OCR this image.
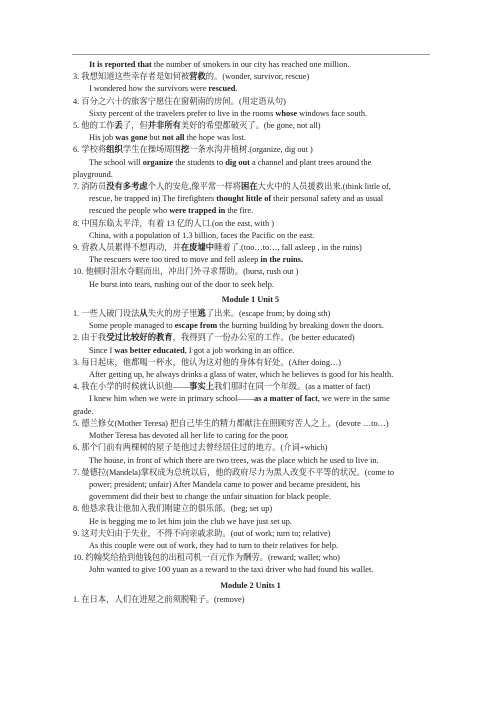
It is reported that the number of smokers in our city has reached one million.
3. 我想知道这些幸存者是如何被营救的。(wonder, survivor, rescue)
I wondered how the survivors were rescued.
4. 百分之六十的旅客宁愿住在窗朝南的房间。(用定语从句)
Sixty percent of the travelers prefer to live in the rooms whose windows face south.
5. 他的工作丢了，但并非所有美好的希望都破灭了。(be gone, not all)
His job was gone but not all the hope was lost.
6. 学校将组织学生在操场周围挖一条水沟并植树.(organize, dig out )
The school will organize the students to dig out a channel and plant trees around the
playground.
7. 消防员没有多考虑个人的安危,像平常一样将困在大火中的人员援救出来.(think little of,
rescue, be trapped in) The firefighters thought little of their personal safety and as usual
rescued the people who were trapped in the fire.
8. 中国东临太平洋，有着 13 亿的人口.(on the east, with )
China, with a population of 1.3 billion, faces the Pacific on the east.
9. 营救人员累得不想再动，并在废墟中睡着了.(too…to…, fall asleep , in the ruins)
The rescuers were too tired to move and fell asleep in the ruins.
10. 他顿时泪水夺眶而出，冲出门外寻求帮助。(burst, rush out )
He burst into tears, rushing out of the door to seek help.
Module 1 Unit 5
1. 一些人破门设法从失火的房子里逃了出来。(escape from; by doing sth)
Some people managed to escape from the burning building by breaking down the doors.
2. 由于我受过比较好的教育，我得到了一份办公室的工作。(be better educated)
Since I was better educated, I got a job working in an office.
3. 每日起床，他都喝一杯水，他认为这对他的身体有好处。(After doing…)
After getting up, he always drinks a glass of water, which he believes is good for his health.
4. 我在小学的时候就认识他——事实上我们那时在同一个年级。(as a matter of fact)
I knew him when we were in primary school——as a matter of fact, we were in the same
grade.
5. 德兰修女(Mother Teresa) 把自己毕生的精力都献注在照顾穷苦人之上。(devote …to…)
Mother Teresa has devoted all her life to caring for the poor.
6. 那个门前有两棵树的屋子是他过去曾经居住过的地方。(介词+which)
The house, in front of which there are two trees, was the place which he used to live in.
7. 曼德拉(Mandela)掌权成为总统以后，他的政府尽力为黑人改变不平等的状况。(come to
power; president; unfair) After Mandela came to power and became president, his
government did their best to change the unfair situation for black people.
8. 他恳求我让他加入我们刚建立的俱乐部。(beg; set up)
He is begging me to let him join the club we have just set up.
9. 这对夫妇由于失业，不得不向亲戚求助。(out of work; turn to; relative)
As this couple were out of work, they had to turn to their relatives for help.
10. 约翰奖给拾到他钱包的出租司机一百元作为酬劳。(reward; wallet; who)
John wanted to give 100 yuan as a reward to the taxi driver who had found his wallet.
Module 2 Units 1
1. 在日本，人们在进屋之前须脱鞋子。(remove)
